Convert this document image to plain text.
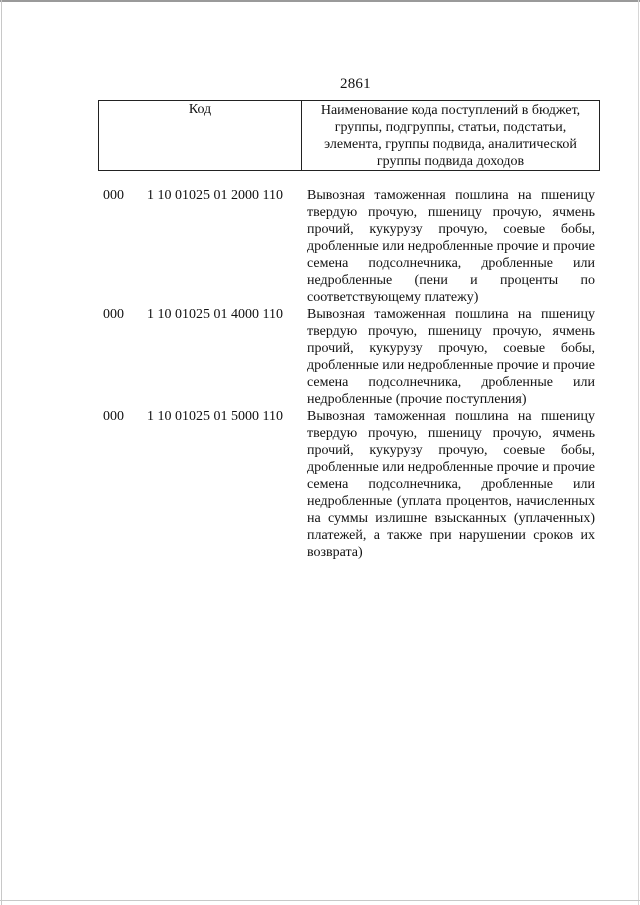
2861
Код	Наименование кода поступлений в бюджет, группы, подгруппы, статьи, подстатьи, элемента, группы подвида, аналитической группы подвида доходов
000	1 10 01025 01 2000 110	Вывозная таможенная пошлина на пшеницу твердую прочую, пшеницу прочую, ячмень прочий, кукурузу прочую, соевые бобы, дробленные или недробленные прочие и прочие семена подсолнечника, дробленные или недробленные (пени и проценты по соответствующему платежу)
000	1 10 01025 01 4000 110	Вывозная таможенная пошлина на пшеницу твердую прочую, пшеницу прочую, ячмень прочий, кукурузу прочую, соевые бобы, дробленные или недробленные прочие и прочие семена подсолнечника, дробленные или недробленные (прочие поступления)
000	1 10 01025 01 5000 110	Вывозная таможенная пошлина на пшеницу твердую прочую, пшеницу прочую, ячмень прочий, кукурузу прочую, соевые бобы, дробленные или недробленные прочие и прочие семена подсолнечника, дробленные или недробленные (уплата процентов, начисленных на суммы излишне взысканных (уплаченных) платежей, а также при нарушении сроков их возврата)
